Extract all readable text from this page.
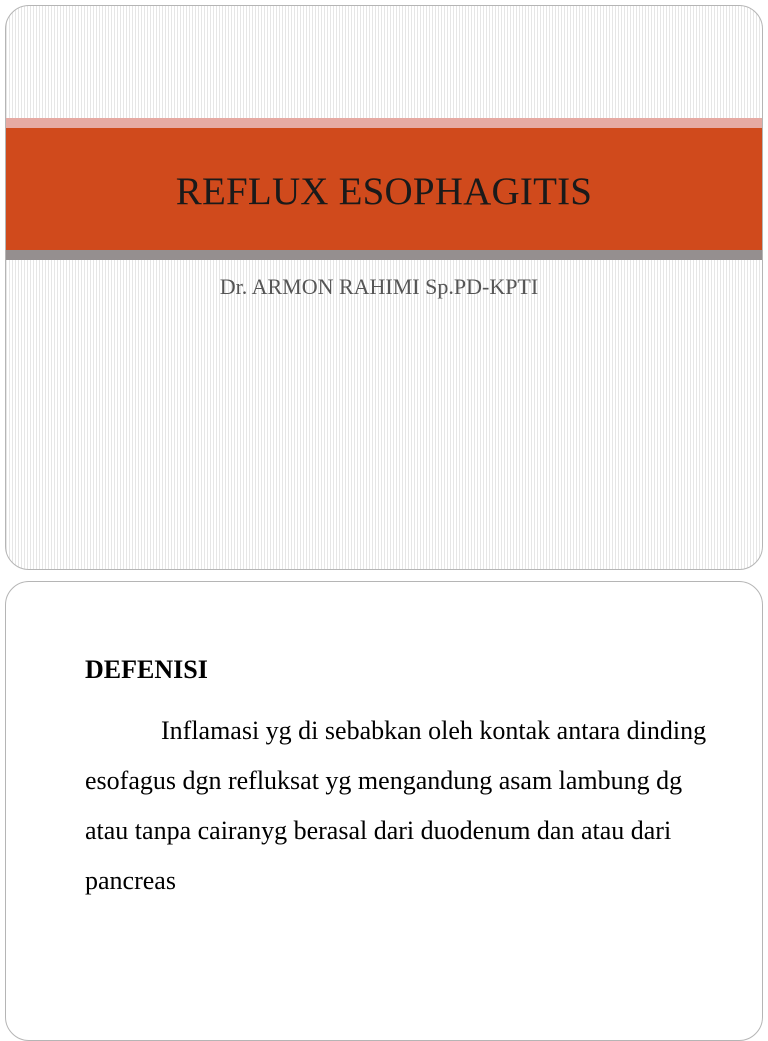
REFLUX ESOPHAGITIS
Dr. ARMON RAHIMI Sp.PD-KPTI
DEFENISI

Inflamasi yg di sebabkan oleh kontak antara dinding esofagus dgn refluksat yg mengandung asam lambung dg atau tanpa cairanyg berasal dari duodenum dan atau dari pancreas
